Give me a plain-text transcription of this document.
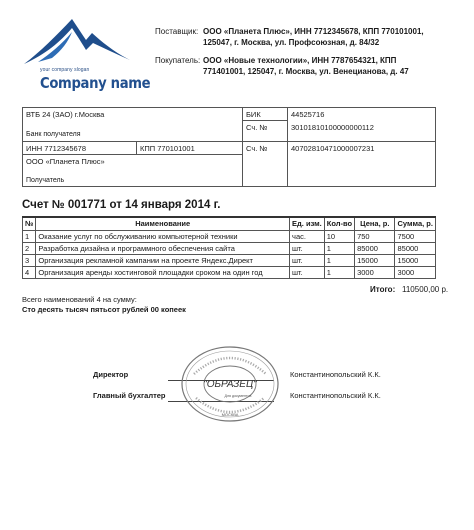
your company slogan
Company name
Поставщик: ООО «Планета Плюс», ИНН 7712345678, КПП 770101001, 125047, г. Москва, ул. Профсоюзная, д. 84/32
Покупатель: ООО «Новые технологии», ИНН 7787654321, КПП 771401001, 125047, г. Москва, ул. Венецианова, д. 47
ВТБ 24 (ЗАО) г.Москва
Банк получателя
БИК	44525716
Сч. №	30101810100000000112
ИНН 7712345678	КПП 770101001	Сч. №	40702810471000007231
ООО «Планета Плюс»
Получатель
Счет № 001771 от 14 января 2014 г.
№	Наименование	Ед. изм.	Кол-во	Цена, р.	Сумма, р.
1	Оказание услуг по обслуживанию компьютерной техники	час.	10	750	7500
2	Разработка дизайна и программного обеспечения сайта	шт.	1	85000	85000
3	Организация рекламной кампании на проекте Яндекс.Директ	шт.	1	15000	15000
4	Организация аренды хостинговой площадки сроком на один год	шт.	1	3000	3000
Итого: 110500,00 р.
Всего наименований 4 на сумму:
Сто десять тысяч пятьсот рублей 00 копеек
Директор	Константинопольский К.К.
Главный бухгалтер	Константинопольский К.К.
"ОБРАЗЕЦ"
Для документов
МОСКВА
